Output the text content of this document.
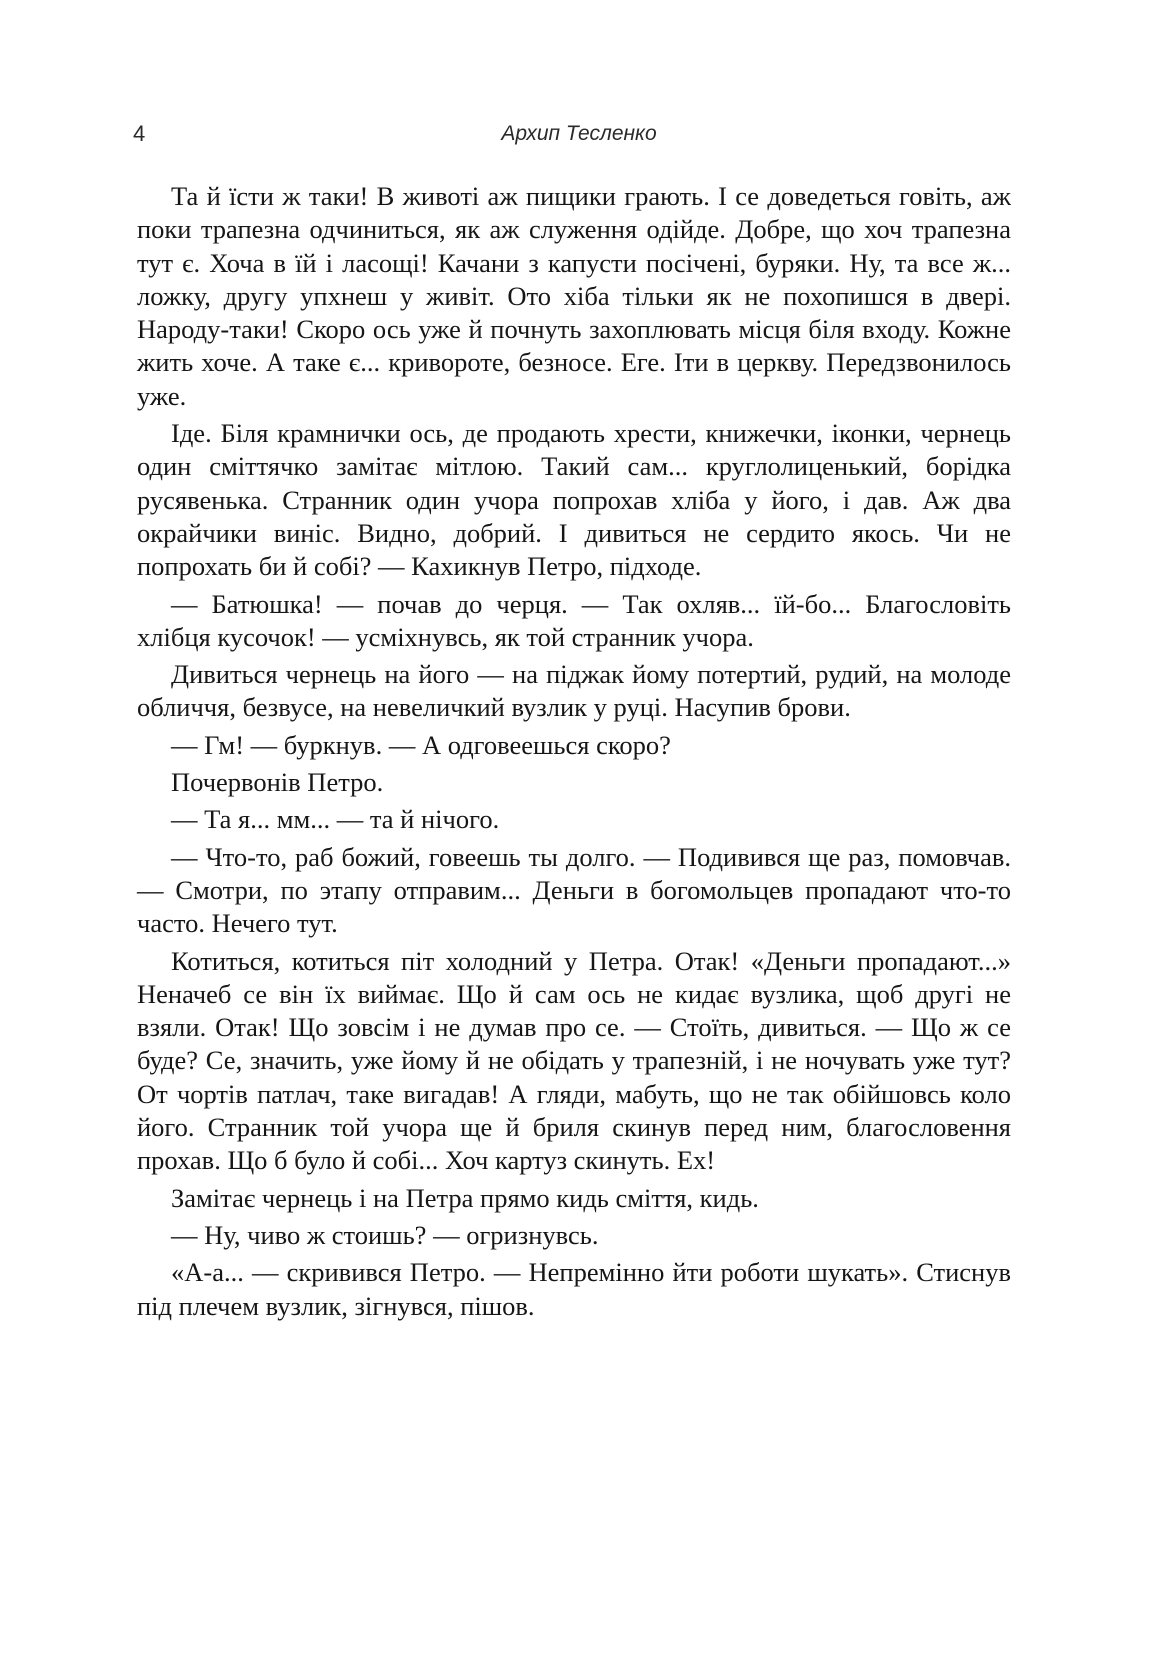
4	Архип Тесленко

Та й їсти ж таки! В животі аж пищики грають. І се доведеться говіть, аж поки трапезна одчиниться, як аж служення одійде. Добре, що хоч трапезна тут є. Хоча в їй і ласощі! Качани з капусти посічені, буряки. Ну, та все ж... ложку, другу упхнеш у живіт. Ото хіба тільки як не похопишся в двері. Народу-таки! Скоро ось уже й почнуть захоплювать місця біля входу. Кожне жить хоче. А таке є... кривороте, безносе. Еге. Іти в церкву. Передзвонилось уже.

Іде. Біля крамнички ось, де продають хрести, книжечки, іконки, чернець один сміттячко замітає мітлою. Такий сам... круглолиценький, борідка русявенька. Странник один учора попрохав хліба у його, і дав. Аж два окрайчики виніс. Видно, добрий. І дивиться не сердито якось. Чи не попрохать би й собі? — Кахикнув Петро, підходе.

— Батюшка! — почав до черця. — Так охляв... їй-бо... Благословіть хлібця кусочок! — усміхнувсь, як той странник учора.

Дивиться чернець на його — на піджак йому потертий, рудий, на молоде обличчя, безвусе, на невеличкий вузлик у руці. Насупив брови.

— Гм! — буркнув. — А одговеешься скоро?

Почервонів Петро.

— Та я... мм... — та й нічого.

— Что-то, раб божий, говеешь ты долго. — Подивився ще раз, помовчав. — Смотри, по этапу отправим... Деньги в богомольцев пропадают что-то часто. Нечего тут.

Котиться, котиться піт холодний у Петра. Отак! «Деньги пропадают...» Неначеб се він їх виймає. Що й сам ось не кидає вузлика, щоб другі не взяли. Отак! Що зовсім і не думав про се. — Стоїть, дивиться. — Що ж се буде? Се, значить, уже йому й не обідать у трапезній, і не ночувать уже тут? От чортів патлач, таке вигадав! А гляди, мабуть, що не так обійшовсь коло його. Странник той учора ще й бриля скинув перед ним, благословення прохав. Що б було й собі... Хоч картуз скинуть. Ех!

Замітає чернець і на Петра прямо кидь сміття, кидь.

— Ну, чиво ж стоишь? — огризнувсь.

«А-а... — скривився Петро. — Непремінно йти роботи шукать». Стиснув під плечем вузлик, зігнувся, пішов.
